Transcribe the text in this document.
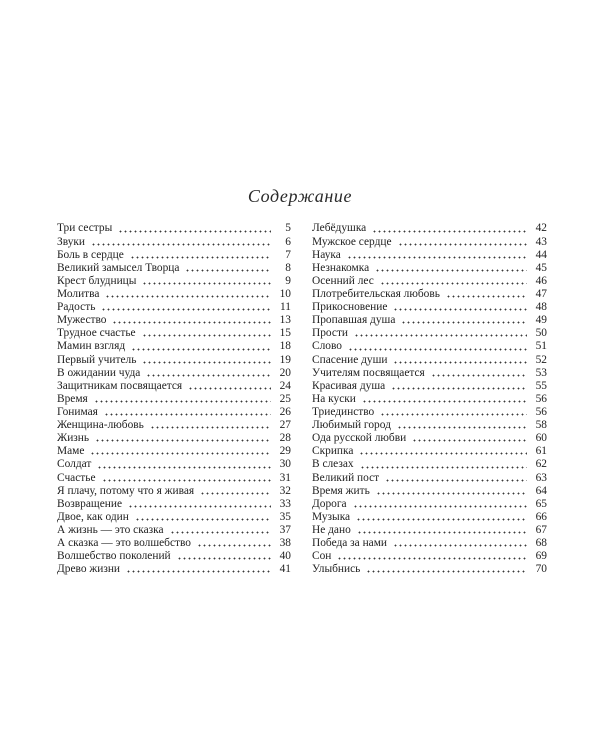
Содержание
Три сестры	5
Звуки	6
Боль в сердце	7
Великий замысел Творца	8
Крест блудницы	9
Молитва	10
Радость	11
Мужество	13
Трудное счастье	15
Мамин взгляд	18
Первый учитель	19
В ожидании чуда	20
Защитникам посвящается	24
Время	25
Гонимая	26
Женщина-любовь	27
Жизнь	28
Маме	29
Солдат	30
Счастье	31
Я плачу, потому что я живая	32
Возвращение	33
Двое, как один	35
А жизнь — это сказка	37
А сказка — это волшебство	38
Волшебство поколений	40
Древо жизни	41
Лебёдушка	42
Мужское сердце	43
Наука	44
Незнакомка	45
Осенний лес	46
Плотребительская любовь	47
Прикосновение	48
Пропавшая душа	49
Прости	50
Слово	51
Спасение души	52
Учителям посвящается	53
Красивая душа	55
На куски	56
Триединство	56
Любимый город	58
Ода русской любви	60
Скрипка	61
В слезах	62
Великий пост	63
Время жить	64
Дорога	65
Музыка	66
Не дано	67
Победа за нами	68
Сон	69
Улыбнись	70
